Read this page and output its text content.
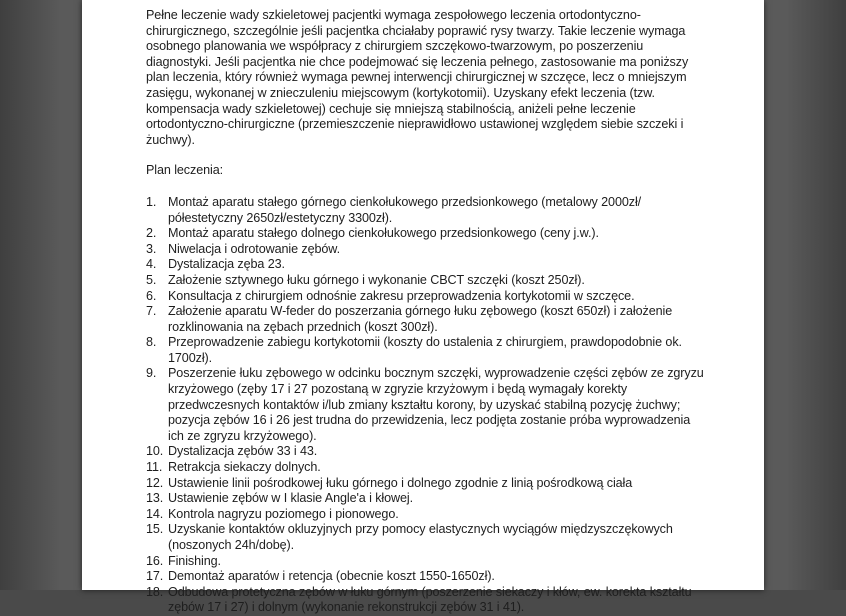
Pełne leczenie wady szkieletowej pacjentki wymaga zespołowego leczenia ortodontyczno-chirurgicznego, szczególnie jeśli pacjentka chciałaby poprawić rysy twarzy. Takie leczenie wymaga osobnego planowania we współpracy z chirurgiem szczękowo-twarzowym, po poszerzeniu diagnostyki. Jeśli pacjentka nie chce podejmować się leczenia pełnego, zastosowanie ma poniższy plan leczenia, który również wymaga pewnej interwencji chirurgicznej w szczęce, lecz o mniejszym zasięgu, wykonanej w znieczuleniu miejscowym (kortykotomii). Uzyskany efekt leczenia (tzw. kompensacja wady szkieletowej) cechuje się mniejszą stabilnością, aniżeli pełne leczenie ortodontyczno-chirurgiczne (przemieszczenie nieprawidłowo ustawionej względem siebie szczeki i żuchwy).

Plan leczenia:

1. Montaż aparatu stałego górnego cienkołukowego przedsionkowego (metalowy 2000zł/ półestetyczny 2650zł/estetyczny 3300zł).
2. Montaż aparatu stałego dolnego cienkołukowego przedsionkowego (ceny j.w.).
3. Niwelacja i odrotowanie zębów.
4. Dystalizacja zęba 23.
5. Założenie sztywnego łuku górnego i wykonanie CBCT szczęki (koszt 250zł).
6. Konsultacja z chirurgiem odnośnie zakresu przeprowadzenia kortykotomii w szczęce.
7. Założenie aparatu W-feder do poszerzania górnego łuku zębowego (koszt 650zł) i założenie rozklinowania na zębach przednich (koszt 300zł).
8. Przeprowadzenie zabiegu kortykotomii (koszty do ustalenia z chirurgiem, prawdopodobnie ok. 1700zł).
9. Poszerzenie łuku zębowego w odcinku bocznym szczęki, wyprowadzenie części zębów ze zgryzu krzyżowego (zęby 17 i 27 pozostaną w zgryzie krzyżowym i będą wymagały korekty przedwczesnych kontaktów i/lub zmiany kształtu korony, by uzyskać stabilną pozycję żuchwy; pozycja zębów 16 i 26 jest trudna do przewidzenia, lecz podjęta zostanie próba wyprowadzenia ich ze zgryzu krzyżowego).
10. Dystalizacja zębów 33 i 43.
11. Retrakcja siekaczy dolnych.
12. Ustawienie linii pośrodkowej łuku górnego i dolnego zgodnie z linią pośrodkową ciała
13. Ustawienie zębów w I klasie Angle'a i kłowej.
14. Kontrola nagryzu poziomego i pionowego.
15. Uzyskanie kontaktów okluzyjnych przy pomocy elastycznych wyciągów międzyszczękowych (noszonych 24h/dobę).
16. Finishing.
17. Demontaż aparatów i retencja (obecnie koszt 1550-1650zł).
18. Odbudowa protetyczna zębów w łuku górnym (poszerzenie siekaczy i kłów, ew. korekta kształtu zębów 17 i 27) i dolnym (wykonanie rekonstrukcji zębów 31 i 41).
